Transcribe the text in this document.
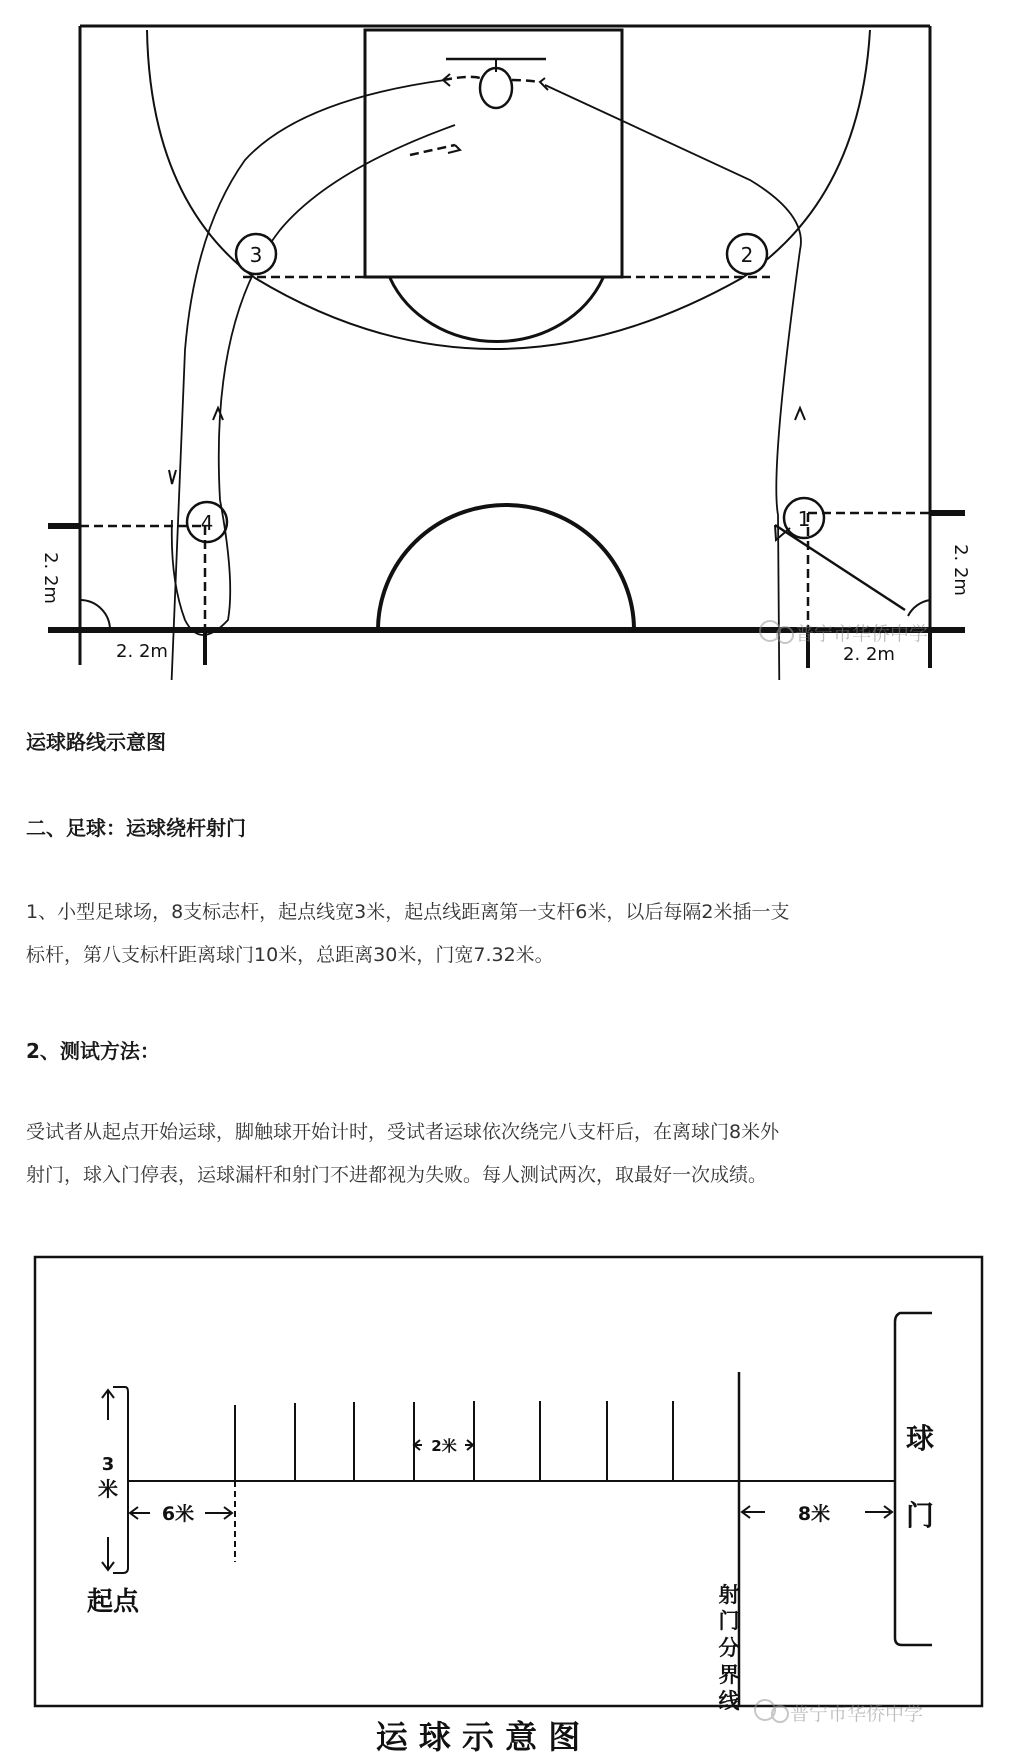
3	2
4	1
2. 2m
2. 2m
2. 2m
2. 2m
普宁市华侨中学
运球路线示意图
二、足球：运球绕杆射门
1、小型足球场，8支标志杆，起点线宽3米，起点线距离第一支杆6米，以后每隔2米插一支
标杆，第八支标杆距离球门10米，总距离30米，门宽7.32米。
2、测试方法：
受试者从起点开始运球，脚触球开始计时，受试者运球依次绕完八支杆后，在离球门8米外
射门，球入门停表，运球漏杆和射门不进都视为失败。每人测试两次，取最好一次成绩。
3
米
起点
6米
2米
8米
球
门
射
门
分
界
线
运 球 示 意 图
普宁市华侨中学
